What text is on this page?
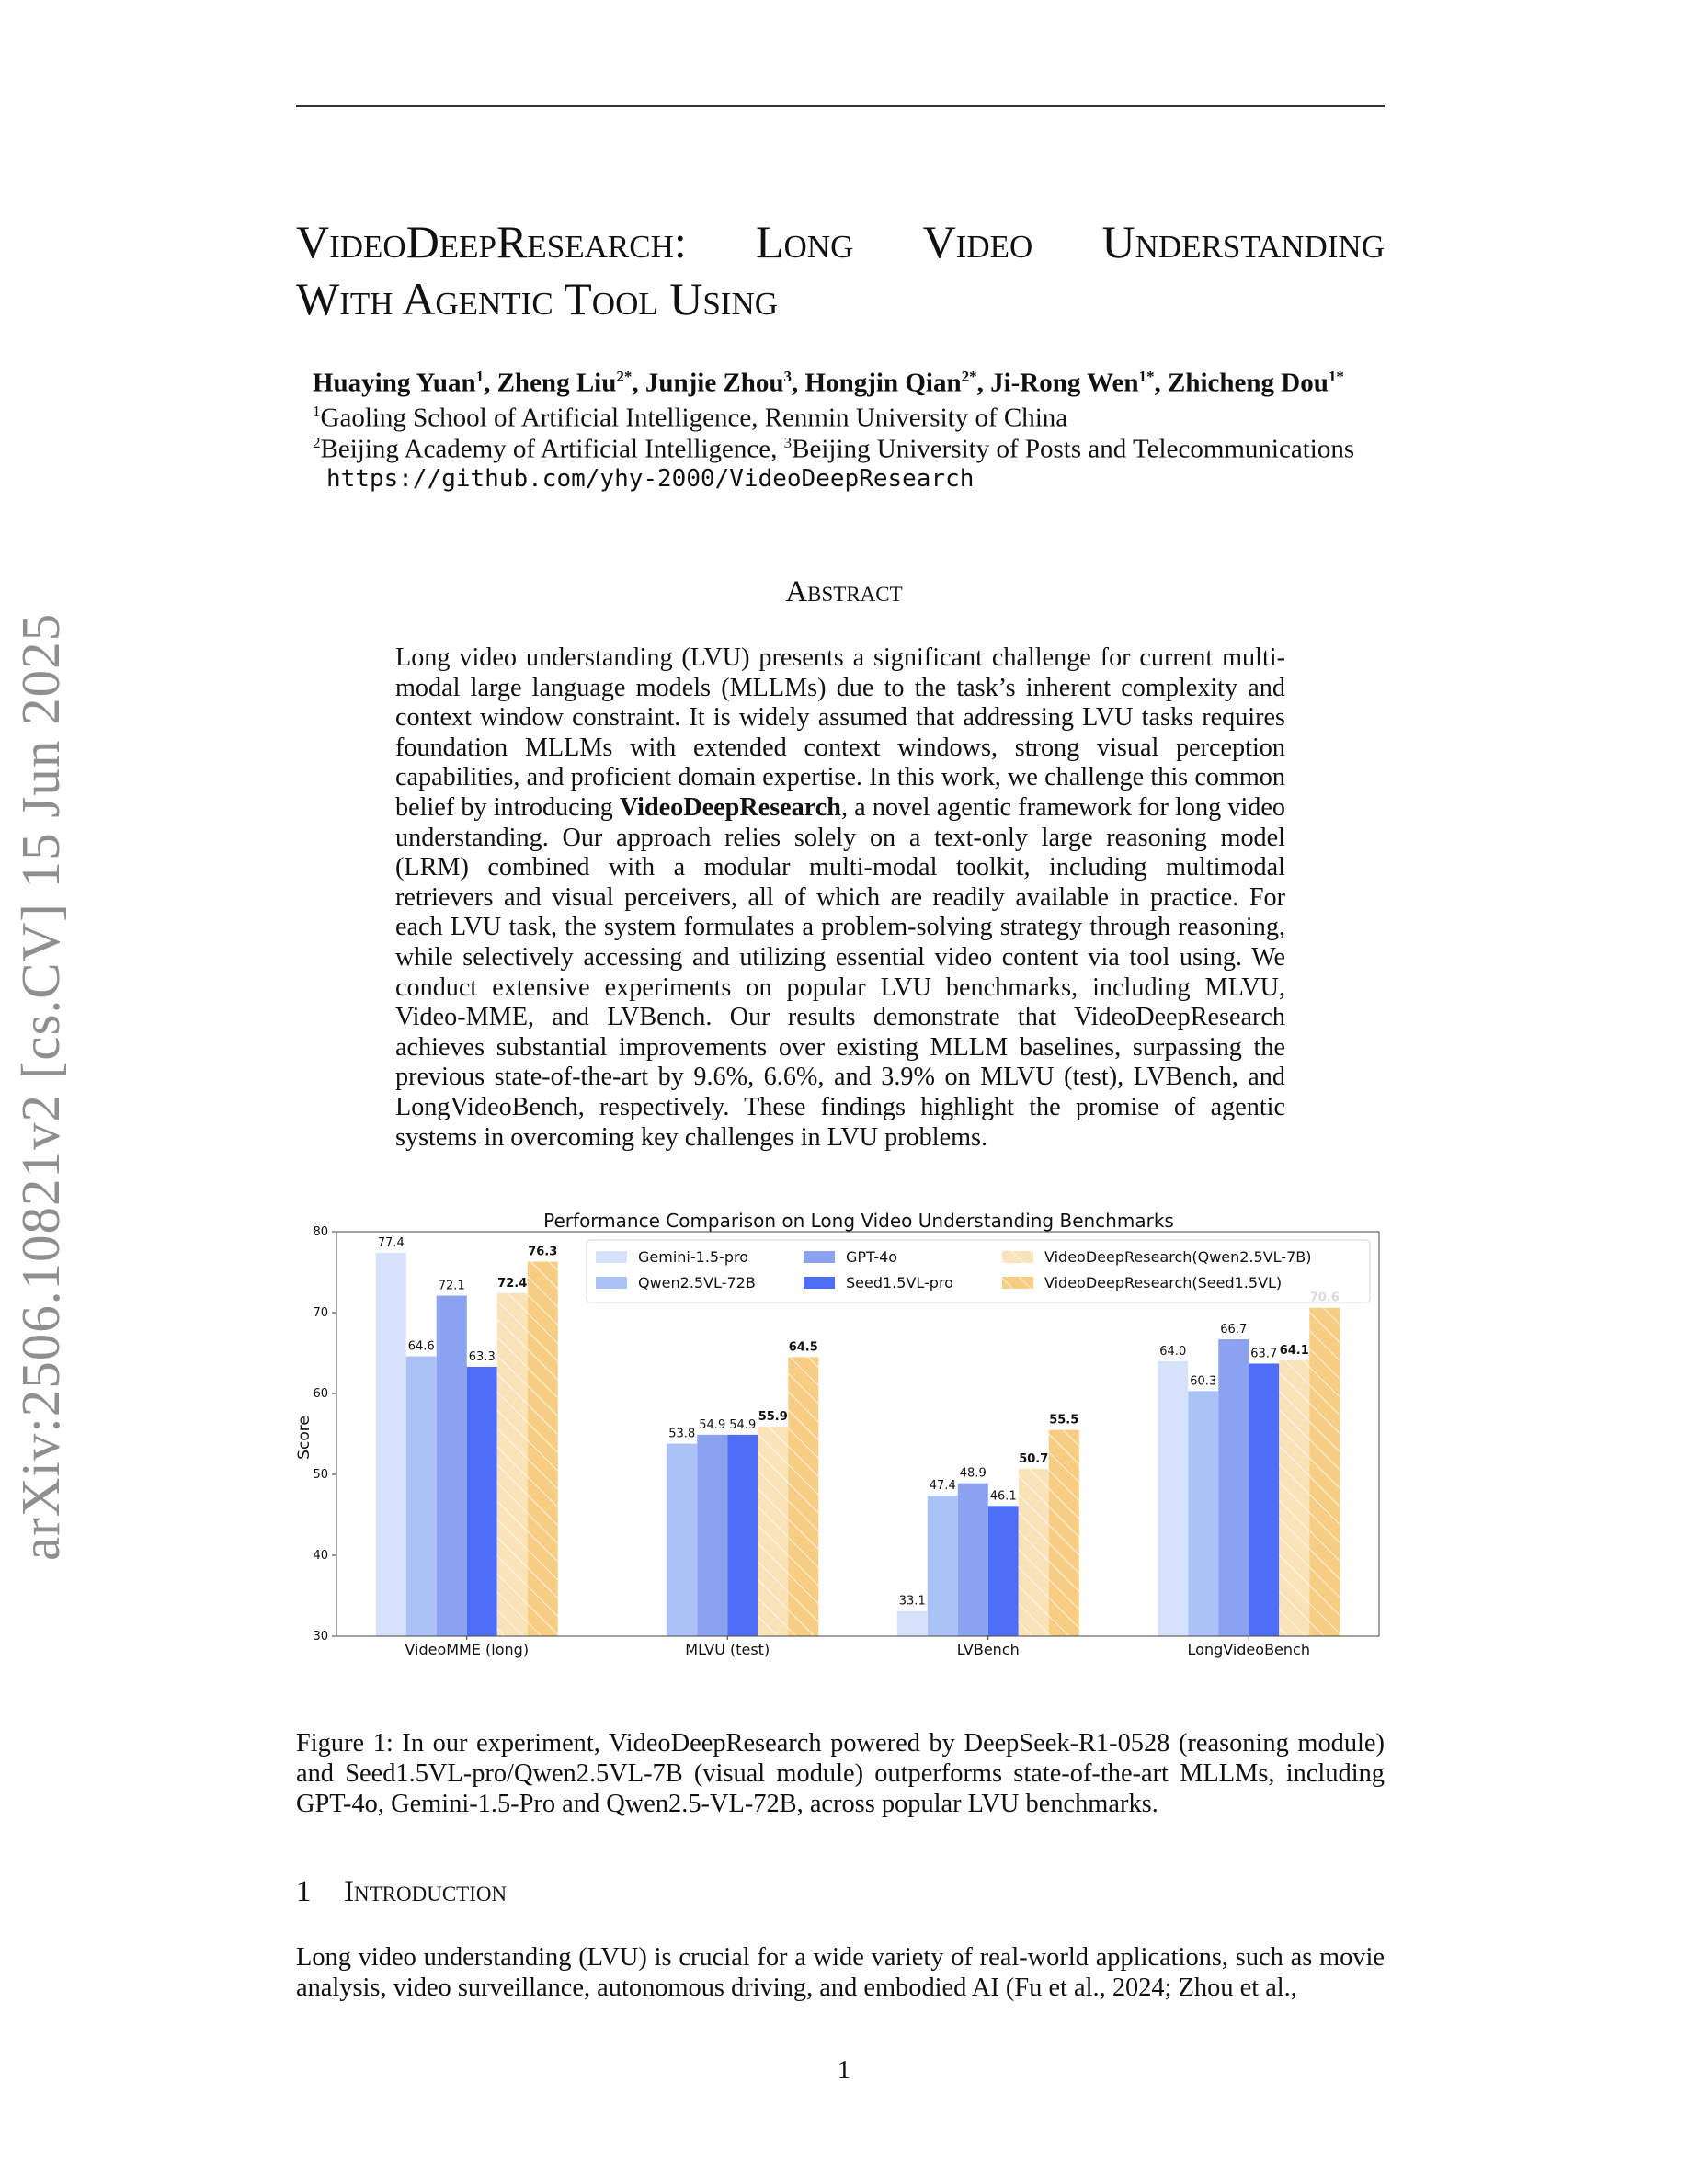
arXiv:2506.10821v2 [cs.CV] 15 Jun 2025
VideoDeepResearch: Long Video Understanding
With Agentic Tool Using
Huaying Yuan$^1$, Zheng Liu$^{2*}$, Junjie Zhou$^3$, Hongjin Qian$^{2*}$, Ji-Rong Wen$^{1*}$, Zhicheng Dou$^{1*}$
$^1$Gaoling School of Artificial Intelligence, Renmin University of China
$^2$Beijing Academy of Artificial Intelligence, $^3$Beijing University of Posts and Telecommunications
https://github.com/yhy-2000/VideoDeepResearch
Abstract
Long video understanding (LVU) presents a significant challenge for current multi-modal large language models (MLLMs) due to the task’s inherent complexity and context window constraint. It is widely assumed that addressing LVU tasks requires foundation MLLMs with extended context windows, strong visual perception capabilities, and proficient domain expertise. In this work, we challenge this common belief by introducing VideoDeepResearch, a novel agentic framework for long video understanding. Our approach relies solely on a text-only large reasoning model (LRM) combined with a modular multi-modal toolkit, including multimodal retrievers and visual perceivers, all of which are readily available in practice. For each LVU task, the system formulates a problem-solving strategy through reasoning, while selectively accessing and utilizing essential video content via tool using. We conduct extensive experiments on popular LVU benchmarks, including MLVU, Video-MME, and LVBench. Our results demonstrate that VideoDeepResearch achieves substantial improvements over existing MLLM baselines, surpassing the previous state-of-the-art by 9.6%, 6.6%, and 3.9% on MLVU (test), LVBench, and LongVideoBench, respectively. These findings highlight the promise of agentic systems in overcoming key challenges in LVU problems.
Performance Comparison on Long Video Understanding Benchmarks
Score
77.4
64.6
72.1
63.3
72.4
76.3
53.8
54.9 54.9
55.9
64.5
33.1
47.4
48.9
46.1
50.7
55.5
64.0
60.3
66.7
63.7 64.1
VideoMME (long)	MLVU (test)	LVBench	LongVideoBench
30
40
50
60
70
80
Gemini-1.5-pro
Qwen2.5VL-72B
GPT-4o
Seed1.5VL-pro
VideoDeepResearch(Qwen2.5VL-7B)
VideoDeepResearch(Seed1.5VL)
Figure 1: In our experiment, VideoDeepResearch powered by DeepSeek-R1-0528 (reasoning module) and Seed1.5VL-pro/Qwen2.5VL-7B (visual module) outperforms state-of-the-art MLLMs, including GPT-4o, Gemini-1.5-Pro and Qwen2.5-VL-72B, across popular LVU benchmarks.
1 Introduction
Long video understanding (LVU) is crucial for a wide variety of real-world applications, such as movie analysis, video surveillance, autonomous driving, and embodied AI (Fu et al., 2024; Zhou et al.,
1
